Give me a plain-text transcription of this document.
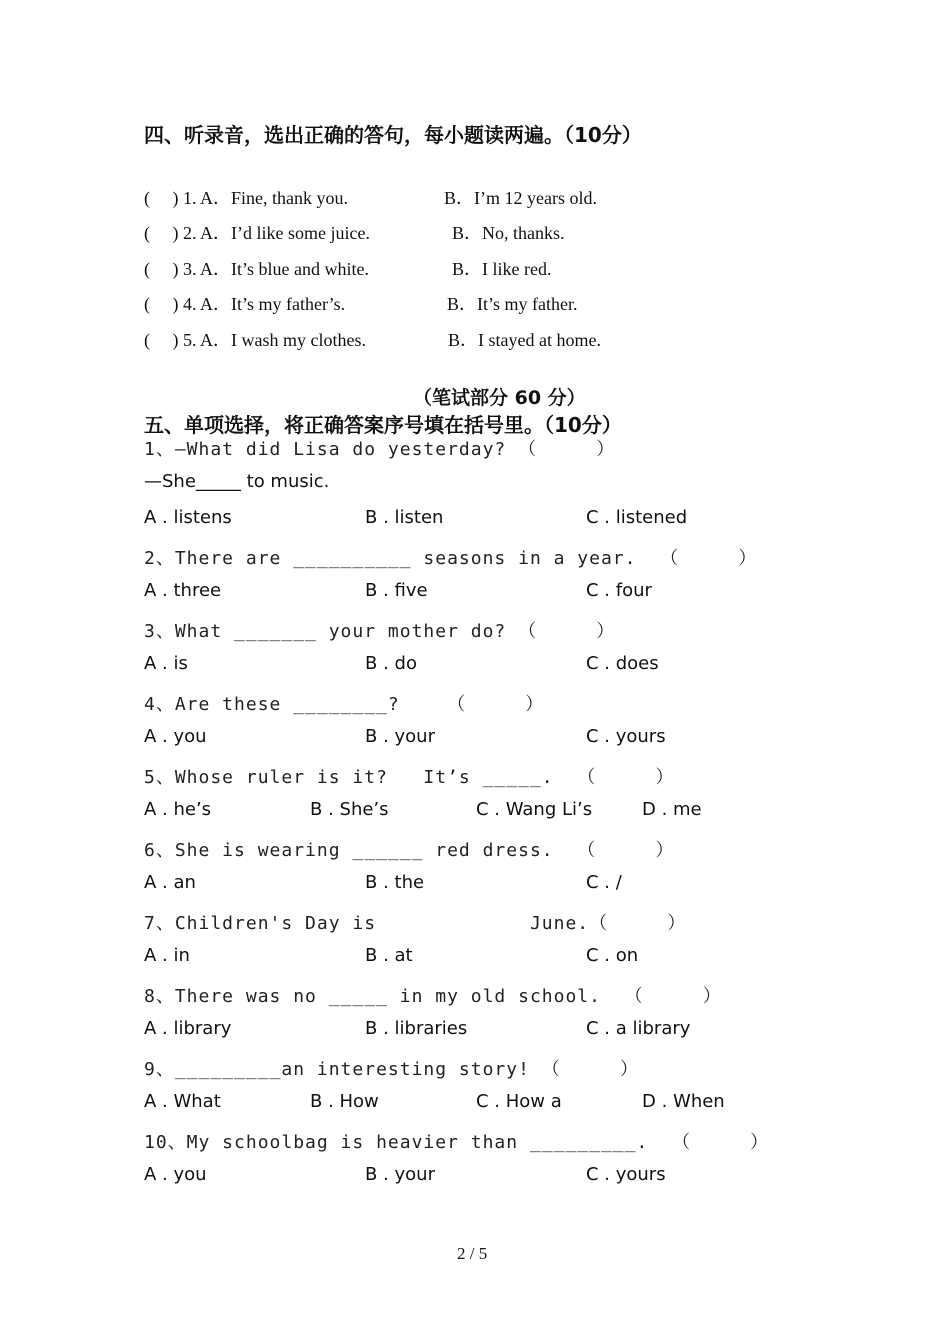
四、听录音，选出正确的答句，每小题读两遍。（10分）
(     ) 1. A．Fine, thank you.	B．I’m 12 years old.
(     ) 2. A．I’d like some juice.	B．No, thanks.
(     ) 3. A．It’s blue and white.	B．I like red.
(     ) 4. A．It’s my father’s.	B．It’s my father.
(     ) 5. A．I wash my clothes.	B．I stayed at home.
（笔试部分 60 分）
五、单项选择，将正确答案序号填在括号里。（10分）
1、—What did Lisa do yesterday? （     ）
—She_____ to music.
A . listens	B . listen	C . listened
2、There are __________ seasons in a year.  （     ）
A . three	B . five	C . four
3、What _______ your mother do? （     ）
A . is	B . do	C . does
4、Are these ________?    （     ）
A . you	B . your	C . yours
5、Whose ruler is it?   It’s _____.  （     ）
A . he’s	B . She’s	C . Wang Li’s	D . me
6、She is wearing ______ red dress.  （     ）
A . an	B . the	C . /
7、Children's Day is             June.（     ）
A . in	B . at	C . on
8、There was no _____ in my old school.  （     ）
A . library	B . libraries	C . a library
9、_________an interesting story! （     ）
A . What	B . How	C . How a	D . When
10、My schoolbag is heavier than _________.  （     ）
A . you	B . your	C . yours
2 / 5
